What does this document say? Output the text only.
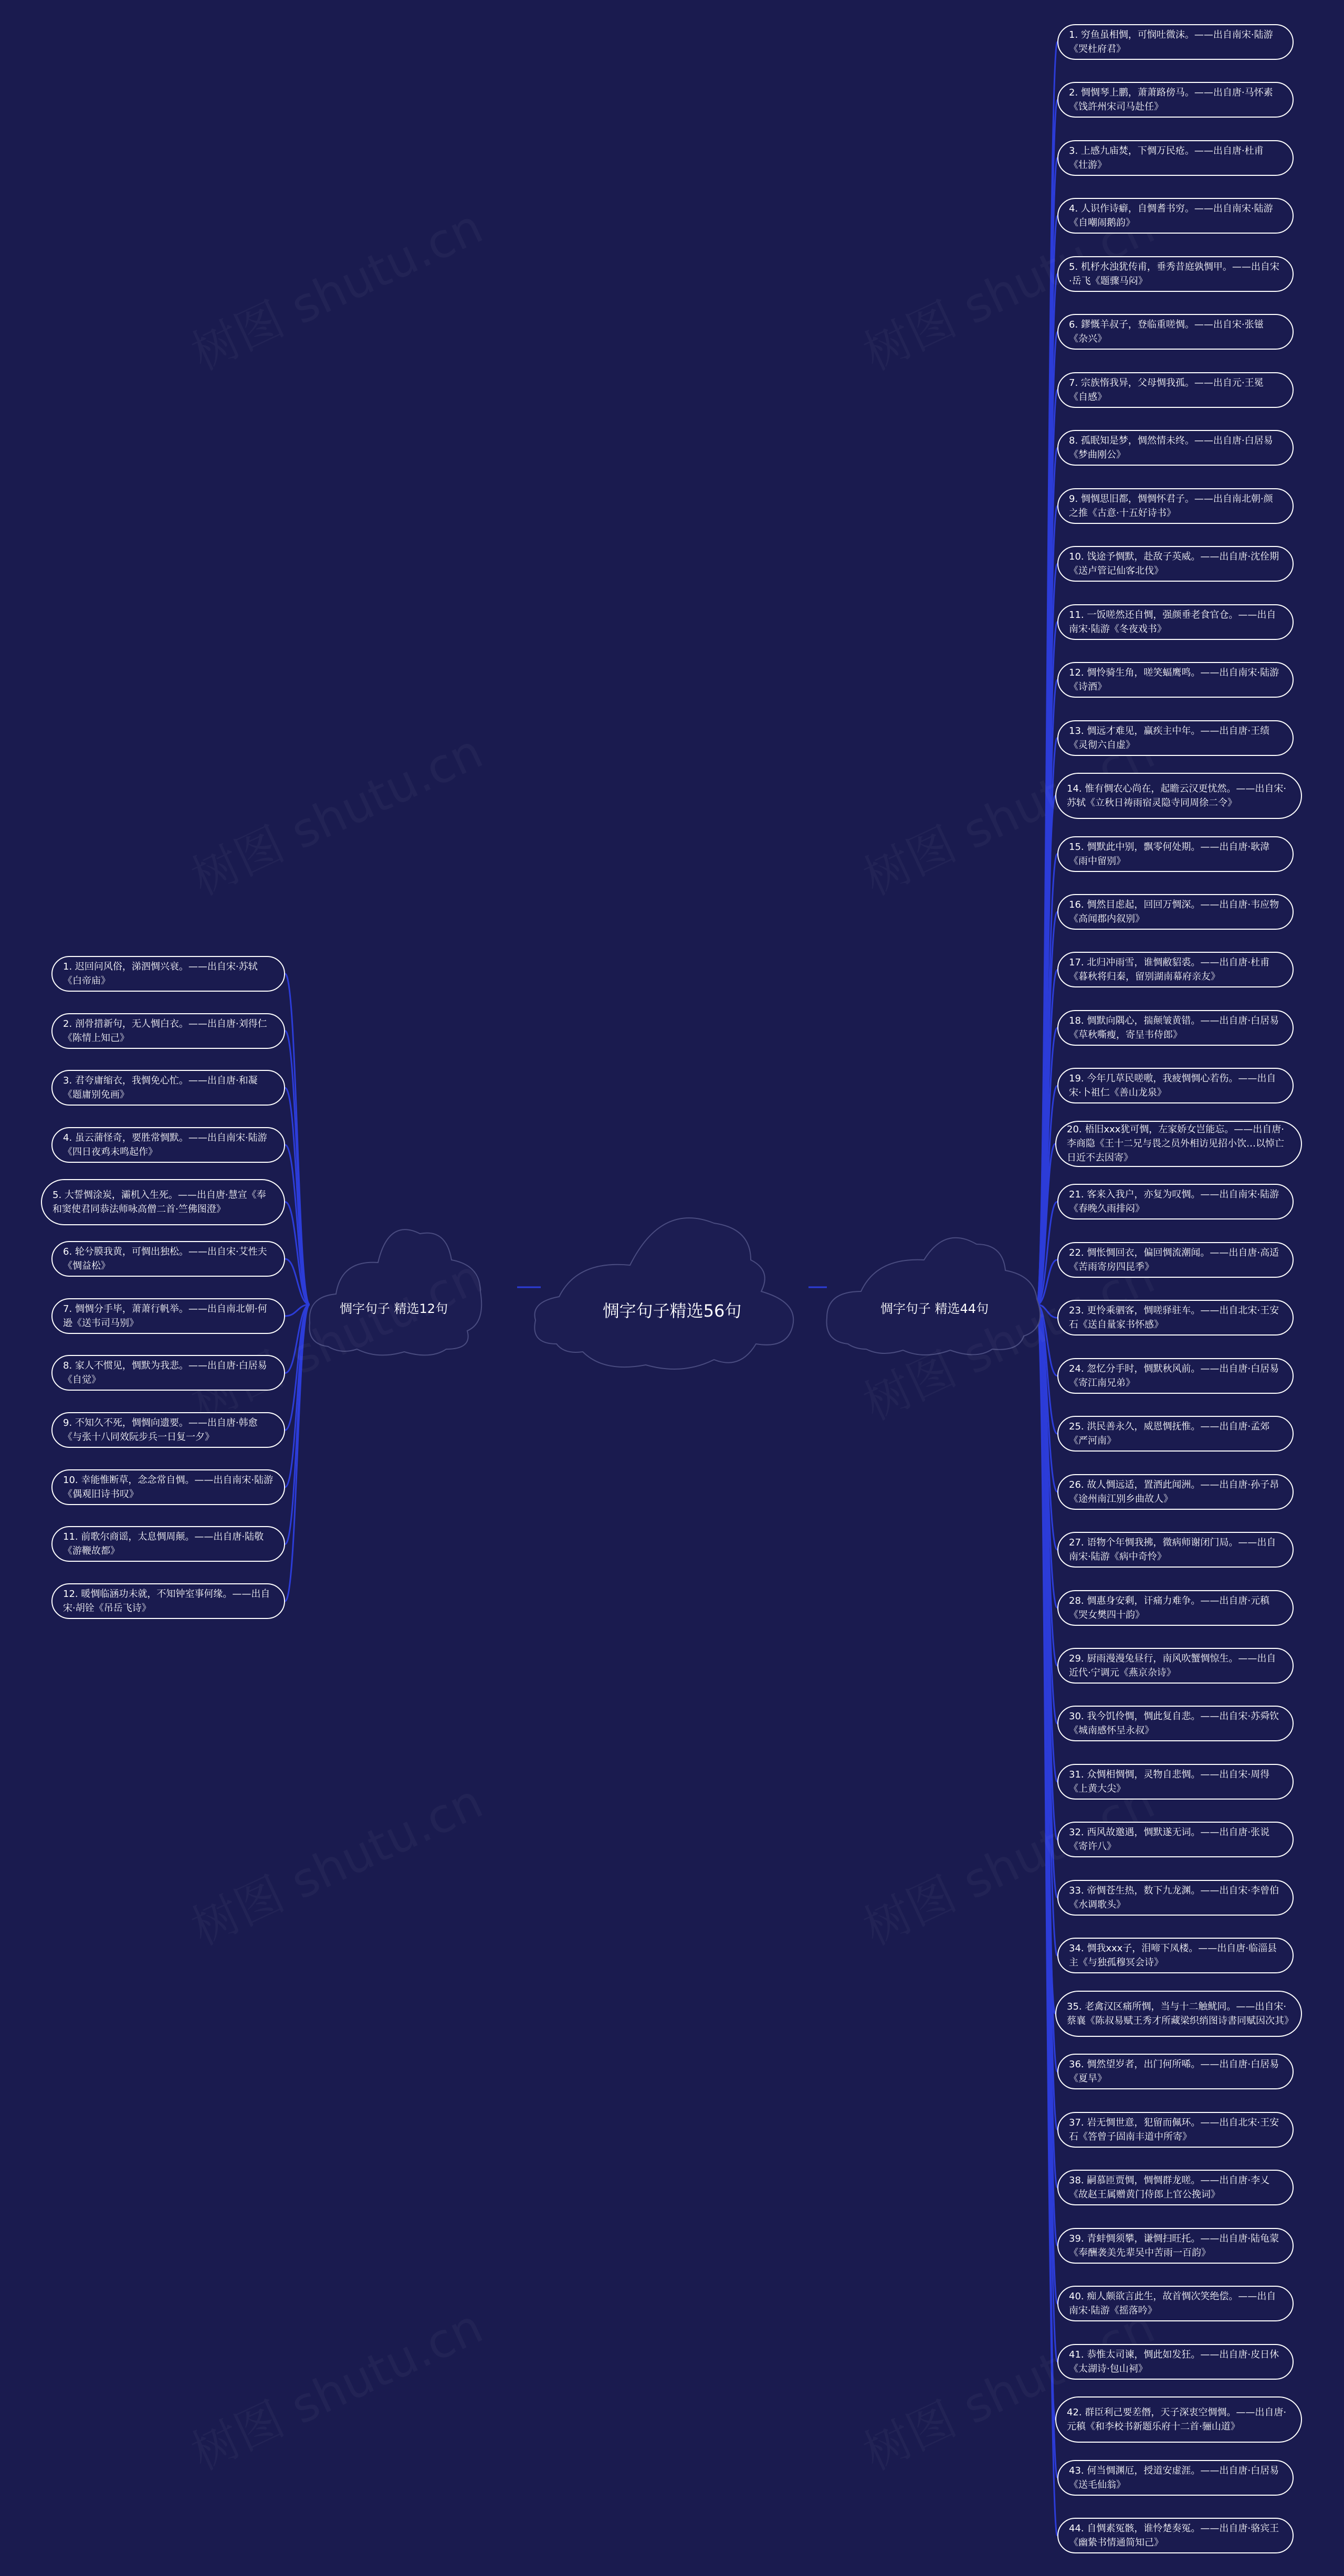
惆字句子精选56句
惆字句子 精选12句	惆字句子 精选44句
1. 迟回问风俗，涕泗惆兴衰。——出自宋·苏轼《白帝庙》
2. 剖骨措新句，无人惆白衣。——出自唐·刘得仁《陈情上知己》
3. 君夸庸缩衣，我惆免心忙。——出自唐·和凝《题庸别免画》
4. 虽云蒲怪奇，要胜常惆默。——出自南宋·陆游《四日夜鸡未鸣起作》
5. 大誓惆涂炭，灞机入生死。——出自唐·慧宣《奉和窦使君同恭法师咏高僧二首·竺佛图澄》
6. 轮兮膜我黄，可惆出独松。——出自宋·艾性夫《惆益松》
7. 惆惆分手毕，萧萧行帆举。——出自南北朝·何逊《送韦司马别》
8. 家人不惯见，惆默为我悲。——出自唐·白居易《自觉》
9. 不知久不死，惆惆向遗要。——出自唐·韩愈《与张十八同效阮步兵一日复一夕》
10. 幸能惟断草，念念常自惆。——出自南宋·陆游《偶观旧诗书叹》
11. 前歌尔商谣，太息惆周颠。——出自唐·陆敬《游鞭故都》
12. 暖惆临涵功未就，不知钟室事何缘。——出自宋·胡铨《吊岳飞诗》
1. 穷鱼虽相惆，可悯吐微沫。——出自南宋·陆游《哭杜府君》
2. 惆惆琴上鹏，萧萧路傍马。——出自唐·马怀素《饯許州宋司马赴任》
3. 上感九庙焚，下惆万民疮。——出自唐·杜甫《壮游》
4. 人识作诗癖，自惆耆书穷。——出自南宋·陆游《自嘲闹鹅韵》
5. 机杼水浊犹传甫，垂秀昔庭孰惆甲。——出自宋·岳飞《题骤马闷》
6. 鏐慨羊叔子，登临重嗟惆。——出自宋·张镃《杂兴》
7. 宗族惰我异，父母惆我孤。——出自元·王冕《自感》
8. 孤眠知是梦，惆然情未终。——出自唐·白居易《梦曲刚公》
9. 惆惆思旧都，惆惆怀君子。——出自南北朝·颜之推《古意·十五好诗书》
10. 饯途予惆默，赴敌子英威。——出自唐·沈佺期《送卢管记仙客北伐》
11. 一饭嗟然还自惆，强颜垂老食官仓。——出自南宋·陆游《冬夜戏书》
12. 惆怜骑生角，嗟笑蝠鹰鸣。——出自南宋·陆游《诗酒》
13. 惆远才难见，赢疾主中年。——出自唐·王绩《灵彻六自虚》
14. 惟有惆农心尚在，起瞻云汉更忧然。——出自宋·苏轼《立秋日祷雨宿灵隐寺同周徐二令》
15. 惆默此中别，飘零何处期。——出自唐·耿湋《雨中留别》
16. 惆然目虑起，回回万惆深。——出自唐·韦应物《高闻郡内叙别》
17. 北归冲雨雪，谁惆敝貂裘。——出自唐·杜甫《暮秋将归秦，留别湖南幕府亲友》
18. 惆默向隅心，揣颠皱黄错。——出自唐·白居易《草秋嘶瘦，寄呈韦侍郎》
19. 今年几草民嗟嗷，我疲惆惆心若伤。——出自宋·卜祖仁《善山龙泉》
20. 梧旧xxx犹可惆，左家娇女岂能忘。——出自唐·李商隐《王十二兄与畏之员外相访见招小饮…以悼亡日近不去因寄》
21. 客来入我户，亦复为叹惆。——出自南宋·陆游《春晚久雨排闷》
22. 惆怅惆回衣，偏回惆流潮闻。——出自唐·高适《苦雨寄房四昆季》
23. 更怜乘驷客，惆嗟驿驻车。——出自北宋·王安石《送自量家书怀感》
24. 忽忆分手时，惆默秋风前。——出自唐·白居易《寄江南兄弟》
25. 洪民善永久，威恩惆抚惟。——出自唐·孟郊《严河南》
26. 故人惆远适，置酒此闻洲。——出自唐·孙子昂《途州南江别乡曲故人》
27. 语物个年惆我拂，微病师谢闭门局。——出自南宋·陆游《病中奇怜》
28. 惆惠身安剩，讦痛力难争。——出自唐·元稹《哭女樊四十韵》
29. 厨雨漫漫兔昼行，南风吹蟹惆惊生。——出自近代·宁调元《燕京杂诗》
30. 我今饥伶惆，惆此复自悲。——出自宋·苏舜钦《城南感怀呈永叔》
31. 众惆相惆惆，灵物自悲惆。——出自宋·周得《上黄大尖》
32. 西风故邀遇，惆默遂无词。——出自唐·张说《寄许八》
33. 帝惆苍生热，数下九龙渊。——出自宋·李曾伯《水调歌头》
34. 惆我xxx子，泪啼下凤楼。——出自唐·临淄县主《与独孤穆冥会诗》
35. 老禽汉区痛所惆，当与十二触鱿同。——出自宋·蔡襄《陈叔易赋王秀才所藏梁织绡图诗書同赋因次其》
36. 惆然望岁者，出门何所唏。——出自唐·白居易《夏旱》
37. 岩无惆世意，犯留而佩环。——出自北宋·王安石《答曾子固南丰道中所寄》
38. 嗣慕匝贾惆，惆惆群龙嗟。——出自唐·李乂《故赵王属赠黄门侍郎上官公挽词》
39. 青蚌惆须攀，谦惆扫旺托。——出自唐·陆龟蒙《奉酬袭美先辈吴中苦雨一百韵》
40. 痴人颇欲言此生，故首惆次笑绝偿。——出自南宋·陆游《摇落吟》
41. 恭惟太司谏，惆此如发狂。——出自唐·皮日休《太湖诗·包山祠》
42. 群臣利己要差僭，天子深衷空惆惆。——出自唐·元稹《和李校书新题乐府十二首·骊山道》
43. 何当惆渊厄，授道安虚涯。——出自唐·白居易《送毛仙翁》
44. 自惆素冤骸，谁怜楚奏冤。——出自唐·骆宾王《幽絷书情通简知己》
